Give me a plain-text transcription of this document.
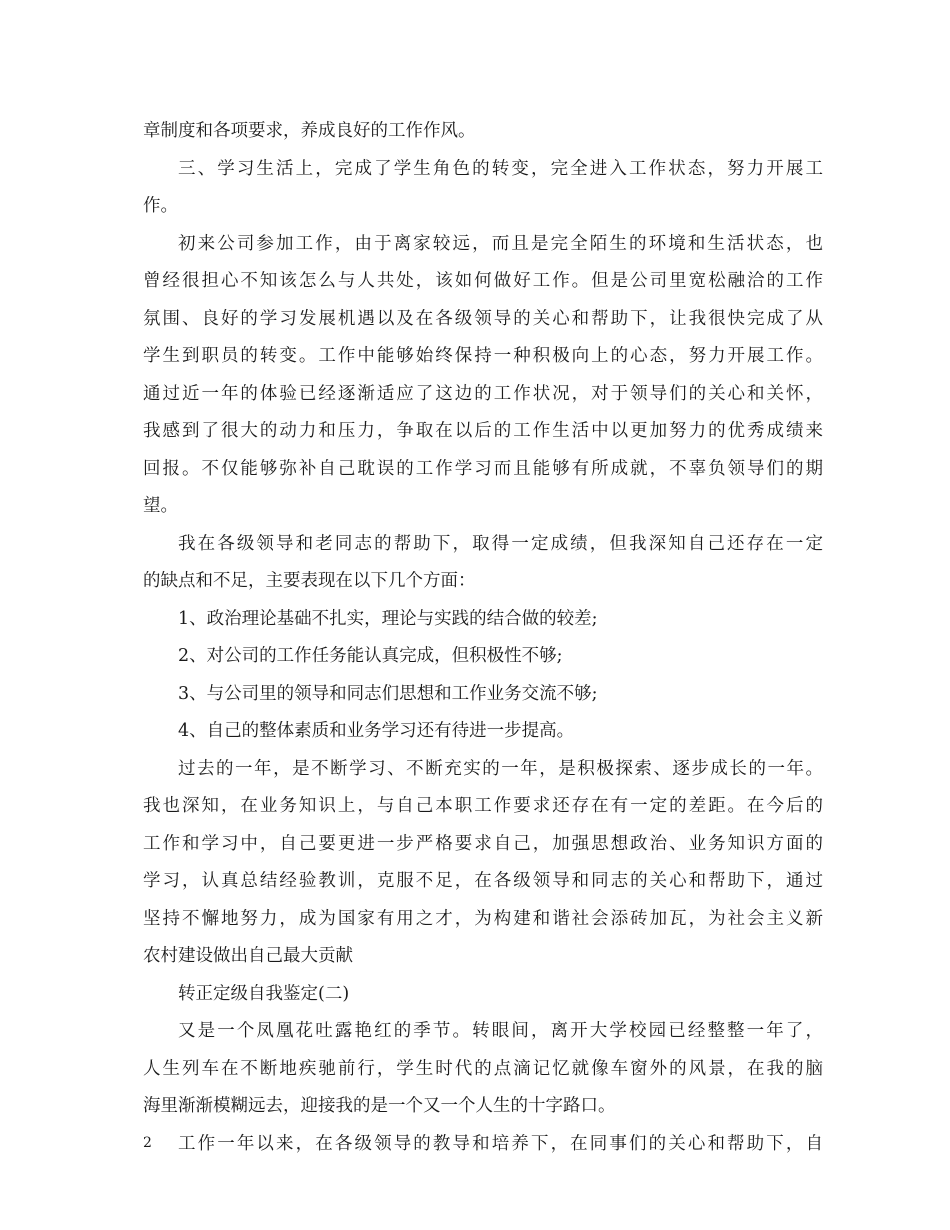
章制度和各项要求，养成良好的工作作风。
三、学习生活上，完成了学生角色的转变，完全进入工作状态，努力开展工
作。
初来公司参加工作，由于离家较远，而且是完全陌生的环境和生活状态，也
曾经很担心不知该怎么与人共处，该如何做好工作。但是公司里宽松融洽的工作
氛围、良好的学习发展机遇以及在各级领导的关心和帮助下，让我很快完成了从
学生到职员的转变。工作中能够始终保持一种积极向上的心态，努力开展工作。
通过近一年的体验已经逐渐适应了这边的工作状况，对于领导们的关心和关怀，
我感到了很大的动力和压力，争取在以后的工作生活中以更加努力的优秀成绩来
回报。不仅能够弥补自己耽误的工作学习而且能够有所成就，不辜负领导们的期
望。
我在各级领导和老同志的帮助下，取得一定成绩，但我深知自己还存在一定
的缺点和不足，主要表现在以下几个方面：
1、政治理论基础不扎实，理论与实践的结合做的较差;
2、对公司的工作任务能认真完成，但积极性不够;
3、与公司里的领导和同志们思想和工作业务交流不够;
4、自己的整体素质和业务学习还有待进一步提高。
过去的一年，是不断学习、不断充实的一年，是积极探索、逐步成长的一年。
我也深知，在业务知识上，与自己本职工作要求还存在有一定的差距。在今后的
工作和学习中，自己要更进一步严格要求自己，加强思想政治、业务知识方面的
学习，认真总结经验教训，克服不足，在各级领导和同志的关心和帮助下，通过
坚持不懈地努力，成为国家有用之才，为构建和谐社会添砖加瓦，为社会主义新
农村建设做出自己最大贡献
转正定级自我鉴定(二)
又是一个凤凰花吐露艳红的季节。转眼间，离开大学校园已经整整一年了，
人生列车在不断地疾驰前行，学生时代的点滴记忆就像车窗外的风景，在我的脑
海里渐渐模糊远去，迎接我的是一个又一个人生的十字路口。
工作一年以来，在各级领导的教导和培养下，在同事们的关心和帮助下，自
2
